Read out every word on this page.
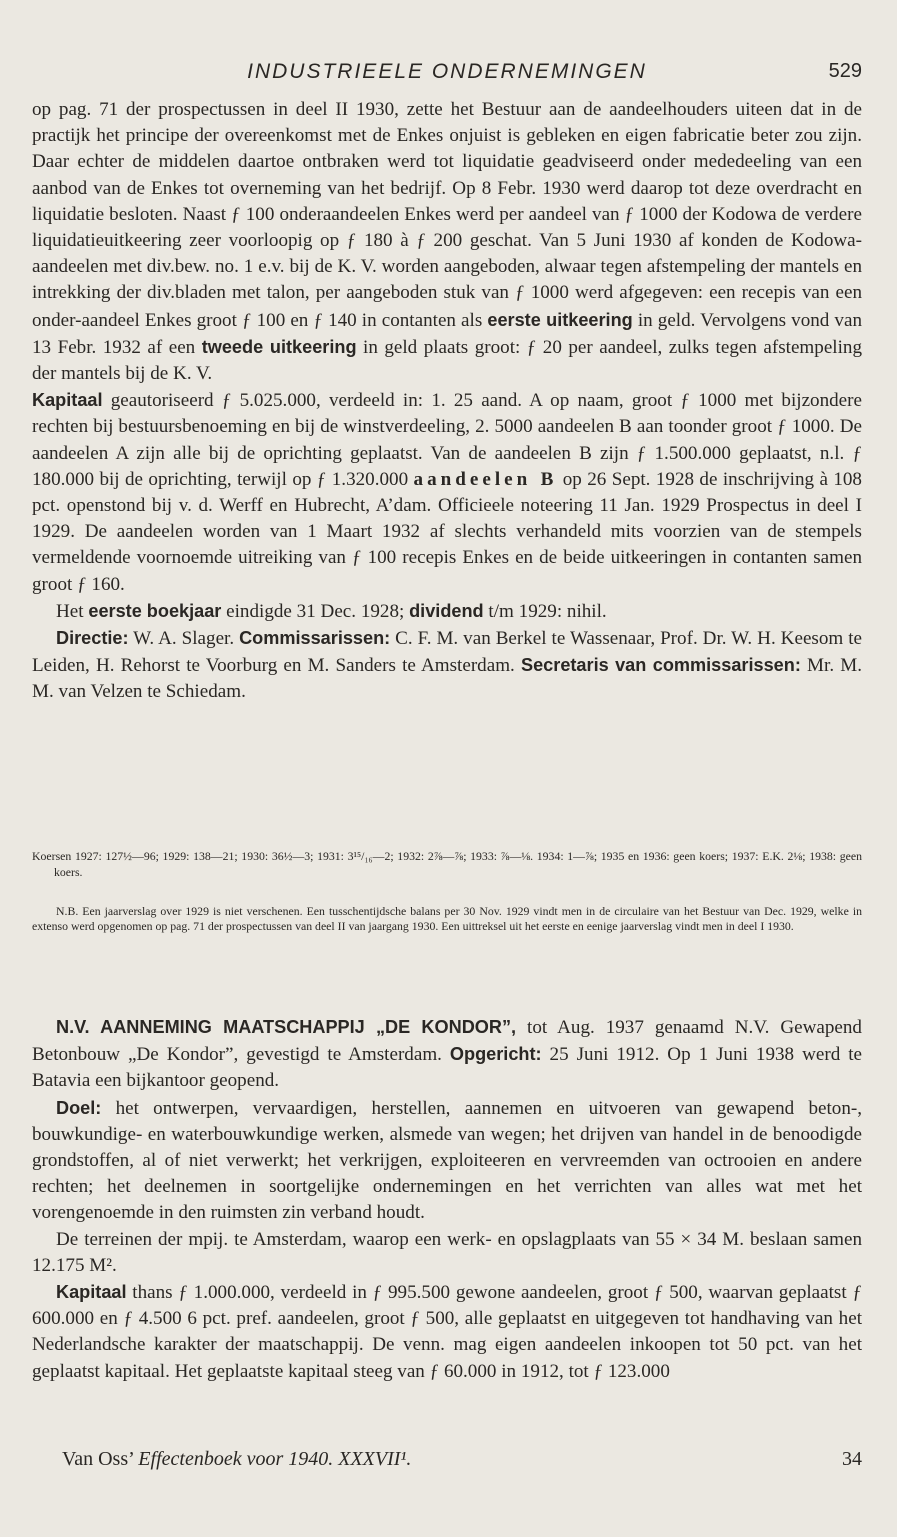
INDUSTRIEELE ONDERNEMINGEN	529

op pag. 71 der prospectussen in deel II 1930, zette het Bestuur aan de aandeelhouders uiteen dat in de practijk het principe der overeenkomst met de Enkes onjuist is gebleken en eigen fabricatie beter zou zijn. Daar echter de middelen daartoe ontbraken werd tot liquidatie geadviseerd onder mededeeling van een aanbod van de Enkes tot overneming van het bedrijf. Op 8 Febr. 1930 werd daarop tot deze overdracht en liquidatie besloten. Naast ƒ 100 onderaandeelen Enkes werd per aandeel van ƒ 1000 der Kodowa de verdere liquidatieuitkeering zeer voorloopig op ƒ 180 à ƒ 200 geschat. Van 5 Juni 1930 af konden de Kodowa-aandeelen met div.bew. no. 1 e.v. bij de K. V. worden aangeboden, alwaar tegen afstempeling der mantels en intrekking der div.bladen met talon, per aangeboden stuk van ƒ 1000 werd afgegeven: een recepis van een onder-aandeel Enkes groot ƒ 100 en ƒ 140 in contanten als eerste uitkeering in geld. Vervolgens vond van 13 Febr. 1932 af een tweede uitkeering in geld plaats groot: ƒ 20 per aandeel, zulks tegen afstempeling der mantels bij de K. V.

Kapitaal geautoriseerd ƒ 5.025.000, verdeeld in: 1. 25 aand. A op naam, groot ƒ 1000 met bijzondere rechten bij bestuursbenoeming en bij de winstverdeeling, 2. 5000 aandeelen B aan toonder groot ƒ 1000. De aandeelen A zijn alle bij de oprichting geplaatst. Van de aandeelen B zijn ƒ 1.500.000 geplaatst, n.l. ƒ 180.000 bij de oprichting, terwijl op ƒ 1.320.000 aandeelen B op 26 Sept. 1928 de inschrijving à 108 pct. openstond bij v. d. Werff en Hubrecht, A’dam. Officieele noteering 11 Jan. 1929 Prospectus in deel I 1929. De aandeelen worden van 1 Maart 1932 af slechts verhandeld mits voorzien van de stempels vermeldende voornoemde uitreiking van ƒ 100 recepis Enkes en de beide uitkeeringen in contanten samen groot ƒ 160.

Het eerste boekjaar eindigde 31 Dec. 1928; dividend t/m 1929: nihil.

Directie: W. A. Slager. Commissarissen: C. F. M. van Berkel te Wassenaar, Prof. Dr. W. H. Keesom te Leiden, H. Rehorst te Voorburg en M. Sanders te Amsterdam. Secretaris van commissarissen: Mr. M. M. van Velzen te Schiedam.

Koersen 1927: 127½—96; 1929: 138—21; 1930: 36½—3; 1931: 3¹⁵/₁₆—2; 1932: 2⅞—⅞; 1933: ⅞—⅛. 1934: 1—⅞; 1935 en 1936: geen koers; 1937: E.K. 2⅛; 1938: geen koers.
N.B. Een jaarverslag over 1929 is niet verschenen. Een tusschentijdsche balans per 30 Nov. 1929 vindt men in de circulaire van het Bestuur van Dec. 1929, welke in extenso werd opgenomen op pag. 71 der prospectussen van deel II van jaargang 1930. Een uittreksel uit het eerste en eenige jaarverslag vindt men in deel I 1930.

N.V. AANNEMING MAATSCHAPPIJ „DE KONDOR”, tot Aug. 1937 genaamd N.V. Gewapend Betonbouw „De Kondor”, gevestigd te Amsterdam. Opgericht: 25 Juni 1912. Op 1 Juni 1938 werd te Batavia een bijkantoor geopend.

Doel: het ontwerpen, vervaardigen, herstellen, aannemen en uitvoeren van gewapend beton-, bouwkundige- en waterbouwkundige werken, alsmede van wegen; het drijven van handel in de benoodigde grondstoffen, al of niet verwerkt; het verkrijgen, exploiteeren en vervreemden van octrooien en andere rechten; het deelnemen in soortgelijke ondernemingen en het verrichten van alles wat met het vorengenoemde in den ruimsten zin verband houdt.

De terreinen der mpij. te Amsterdam, waarop een werk- en opslagplaats van 55 × 34 M. beslaan samen 12.175 M².

Kapitaal thans ƒ 1.000.000, verdeeld in ƒ 995.500 gewone aandeelen, groot ƒ 500, waarvan geplaatst ƒ 600.000 en ƒ 4.500 6 pct. pref. aandeelen, groot ƒ 500, alle geplaatst en uitgegeven tot handhaving van het Nederlandsche karakter der maatschappij. De venn. mag eigen aandeelen inkoopen tot 50 pct. van het geplaatst kapitaal. Het geplaatste kapitaal steeg van ƒ 60.000 in 1912, tot ƒ 123.000

Van Oss’ Effectenboek voor 1940. XXXVII¹.	34
